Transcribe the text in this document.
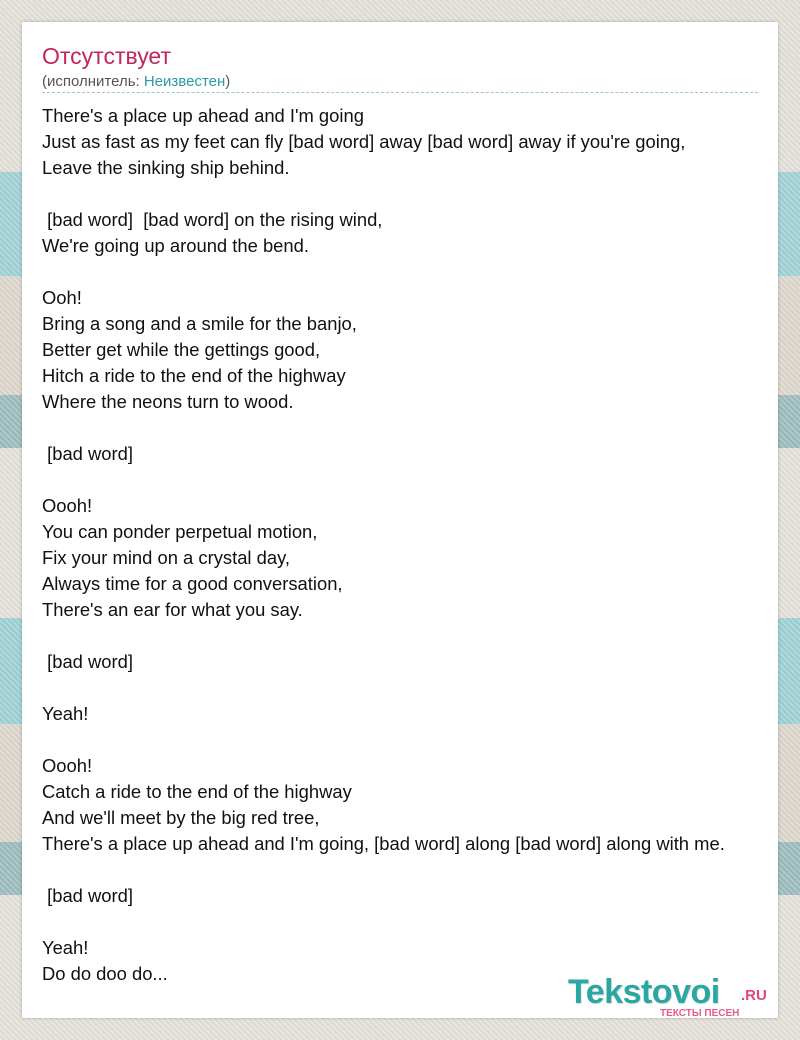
Отсутствует
(исполнитель: Неизвестен)
There's a place up ahead and I'm going
Just as fast as my feet can fly [bad word] away [bad word] away if you're going,
Leave the sinking ship behind.

[bad word]  [bad word] on the rising wind,
We're going up around the bend.

Ooh!
Bring a song and a smile for the banjo,
Better get while the gettings good,
Hitch a ride to the end of the highway
Where the neons turn to wood.

[bad word]

Oooh!
You can ponder perpetual motion,
Fix your mind on a crystal day,
Always time for a good conversation,
There's an ear for what you say.

[bad word]

Yeah!

Oooh!
Catch a ride to the end of the highway
And we'll meet by the big red tree,
There's a place up ahead and I'm going, [bad word] along [bad word] along with me.

[bad word]

Yeah!
Do do doo do...	Tekstovoi .RU
ТЕКСТЫ ПЕСЕН
